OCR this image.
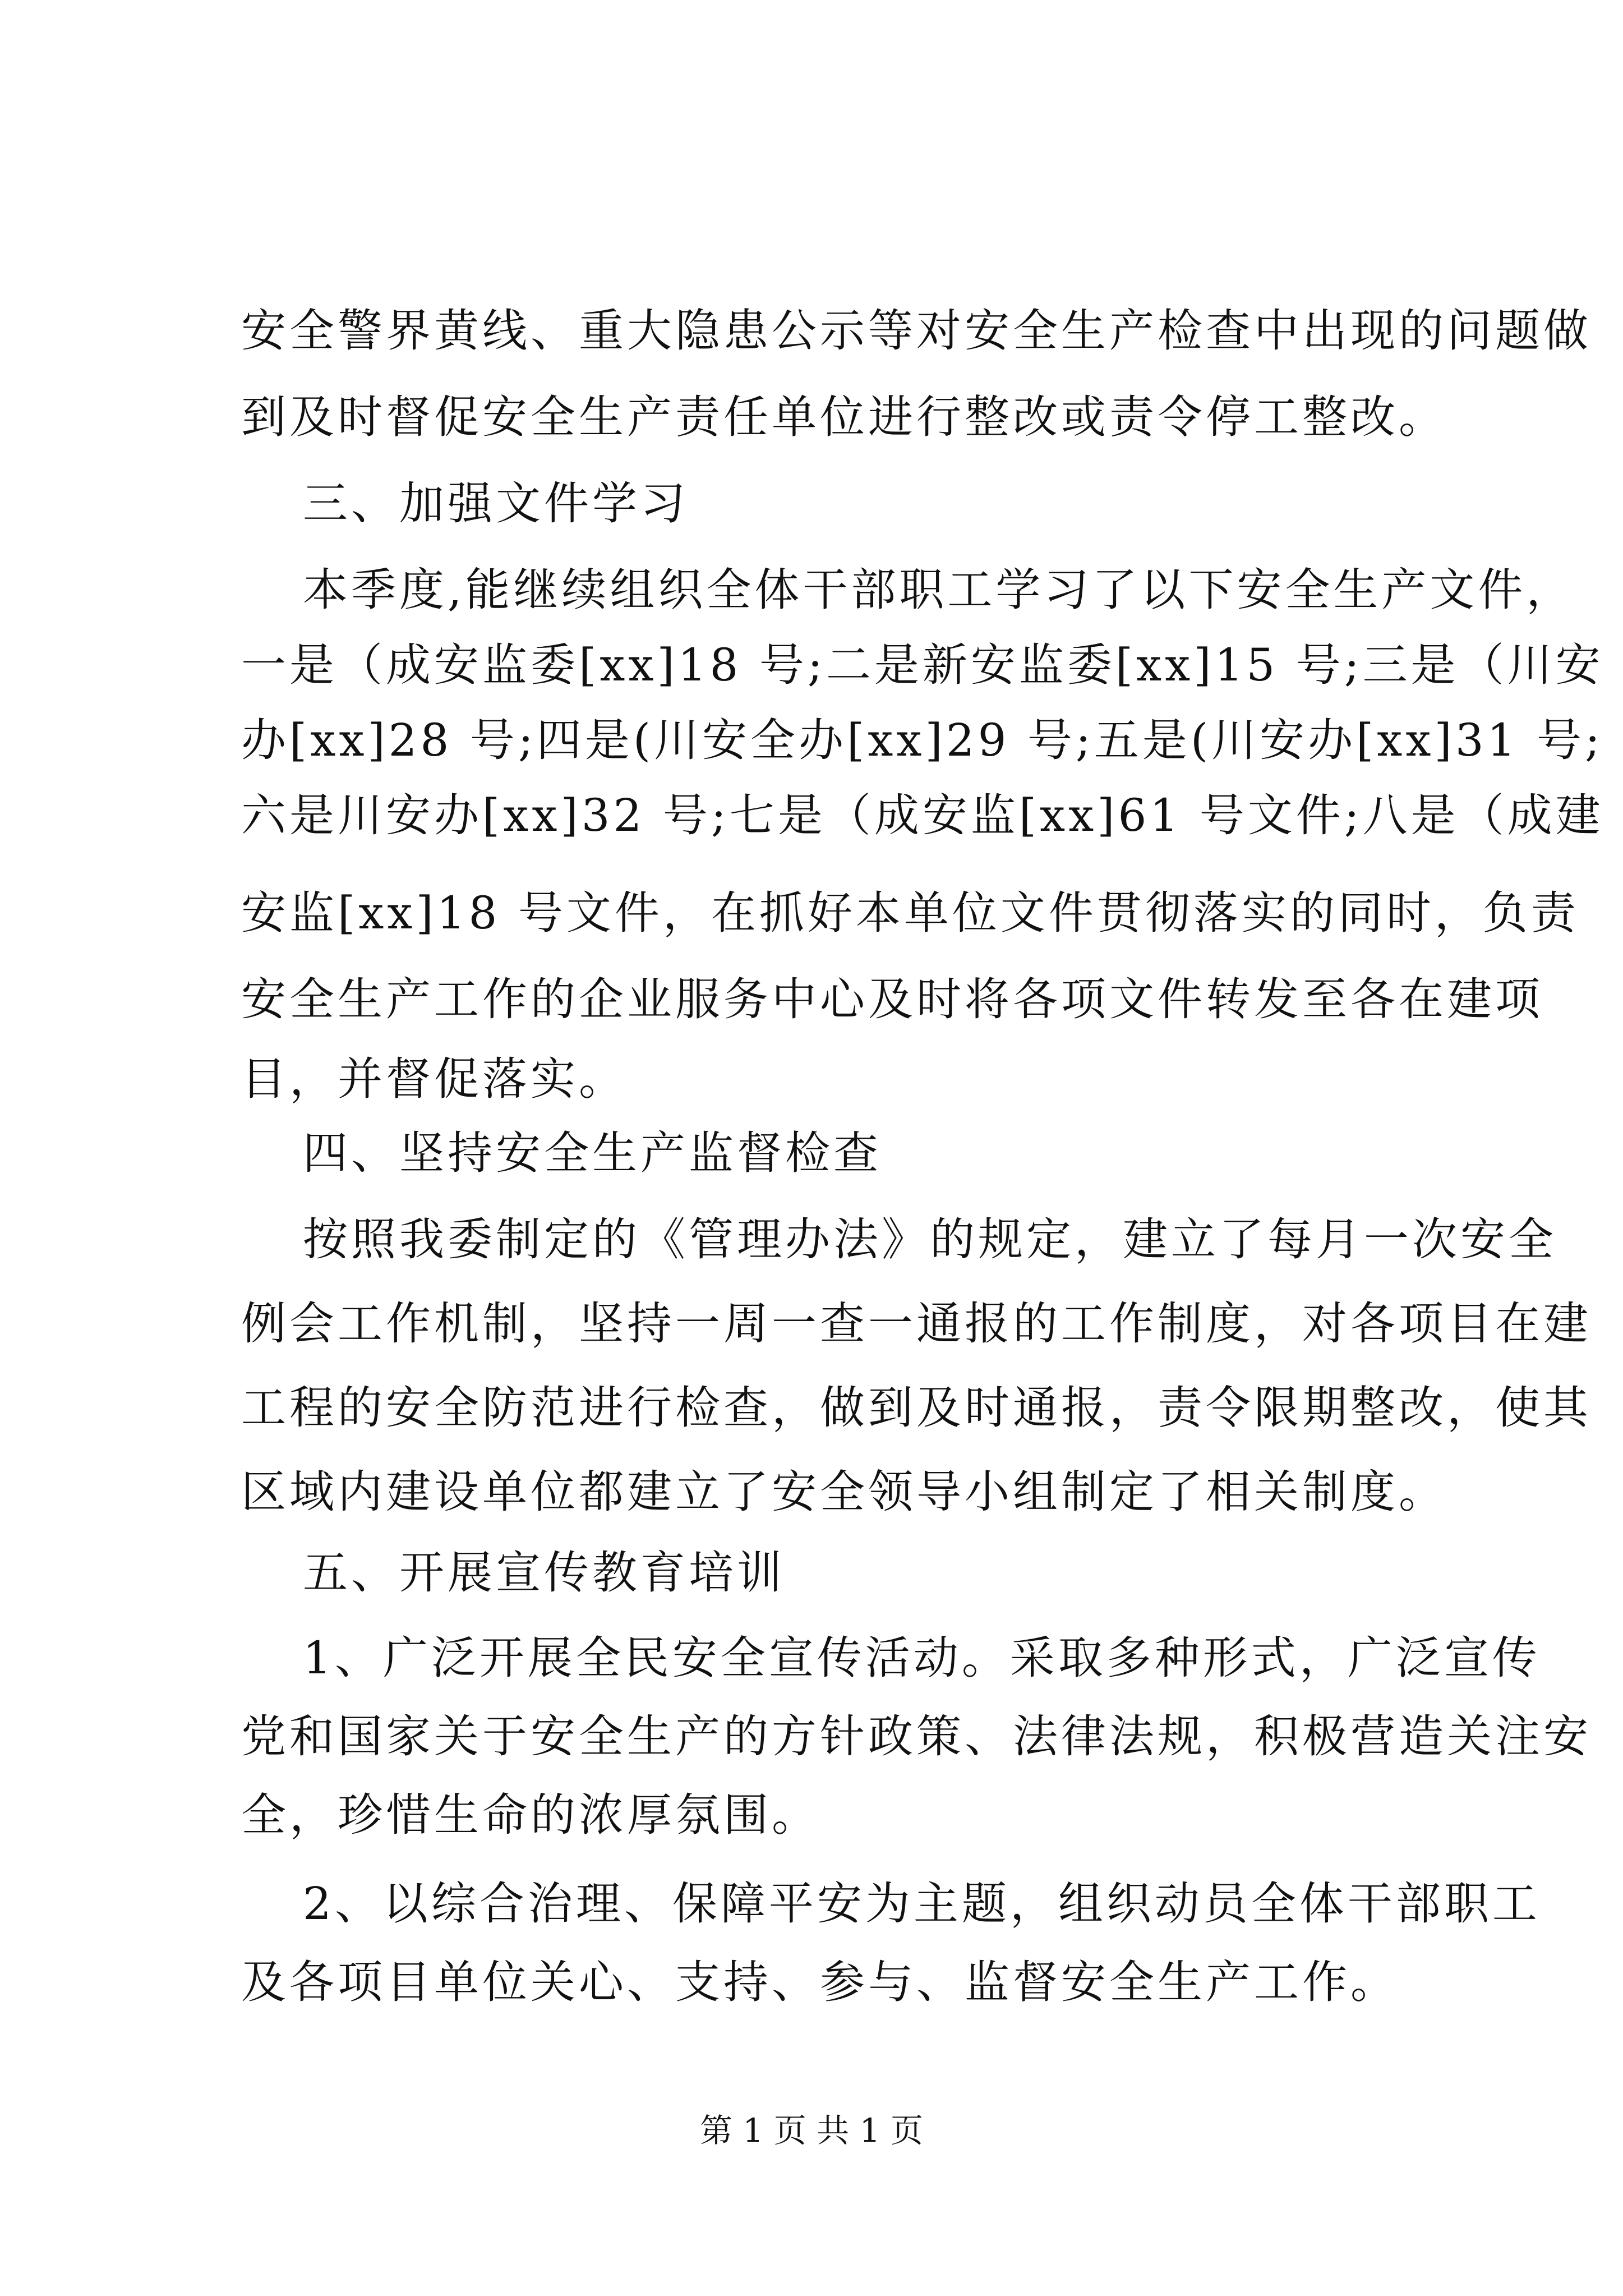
安全警界黄线、重大隐患公示等对安全生产检查中出现的问题做
到及时督促安全生产责任单位进行整改或责令停工整改。
三、加强文件学习
本季度,能继续组织全体干部职工学习了以下安全生产文件，
一是（成安监委[xx]18 号;二是新安监委[xx]15 号;三是（川安
办[xx]28 号;四是(川安全办[xx]29 号;五是(川安办[xx]31 号;
六是川安办[xx]32 号;七是（成安监[xx]61 号文件;八是（成建
安监[xx]18 号文件，在抓好本单位文件贯彻落实的同时，负责
安全生产工作的企业服务中心及时将各项文件转发至各在建项
目，并督促落实。
四、坚持安全生产监督检查
按照我委制定的《管理办法》的规定，建立了每月一次安全
例会工作机制，坚持一周一查一通报的工作制度，对各项目在建
工程的安全防范进行检查，做到及时通报，责令限期整改，使其
区域内建设单位都建立了安全领导小组制定了相关制度。
五、开展宣传教育培训
1、广泛开展全民安全宣传活动。采取多种形式，广泛宣传
党和国家关于安全生产的方针政策、法律法规，积极营造关注安
全，珍惜生命的浓厚氛围。
2、以综合治理、保障平安为主题，组织动员全体干部职工
及各项目单位关心、支持、参与、监督安全生产工作。
第 1 页 共 1 页
